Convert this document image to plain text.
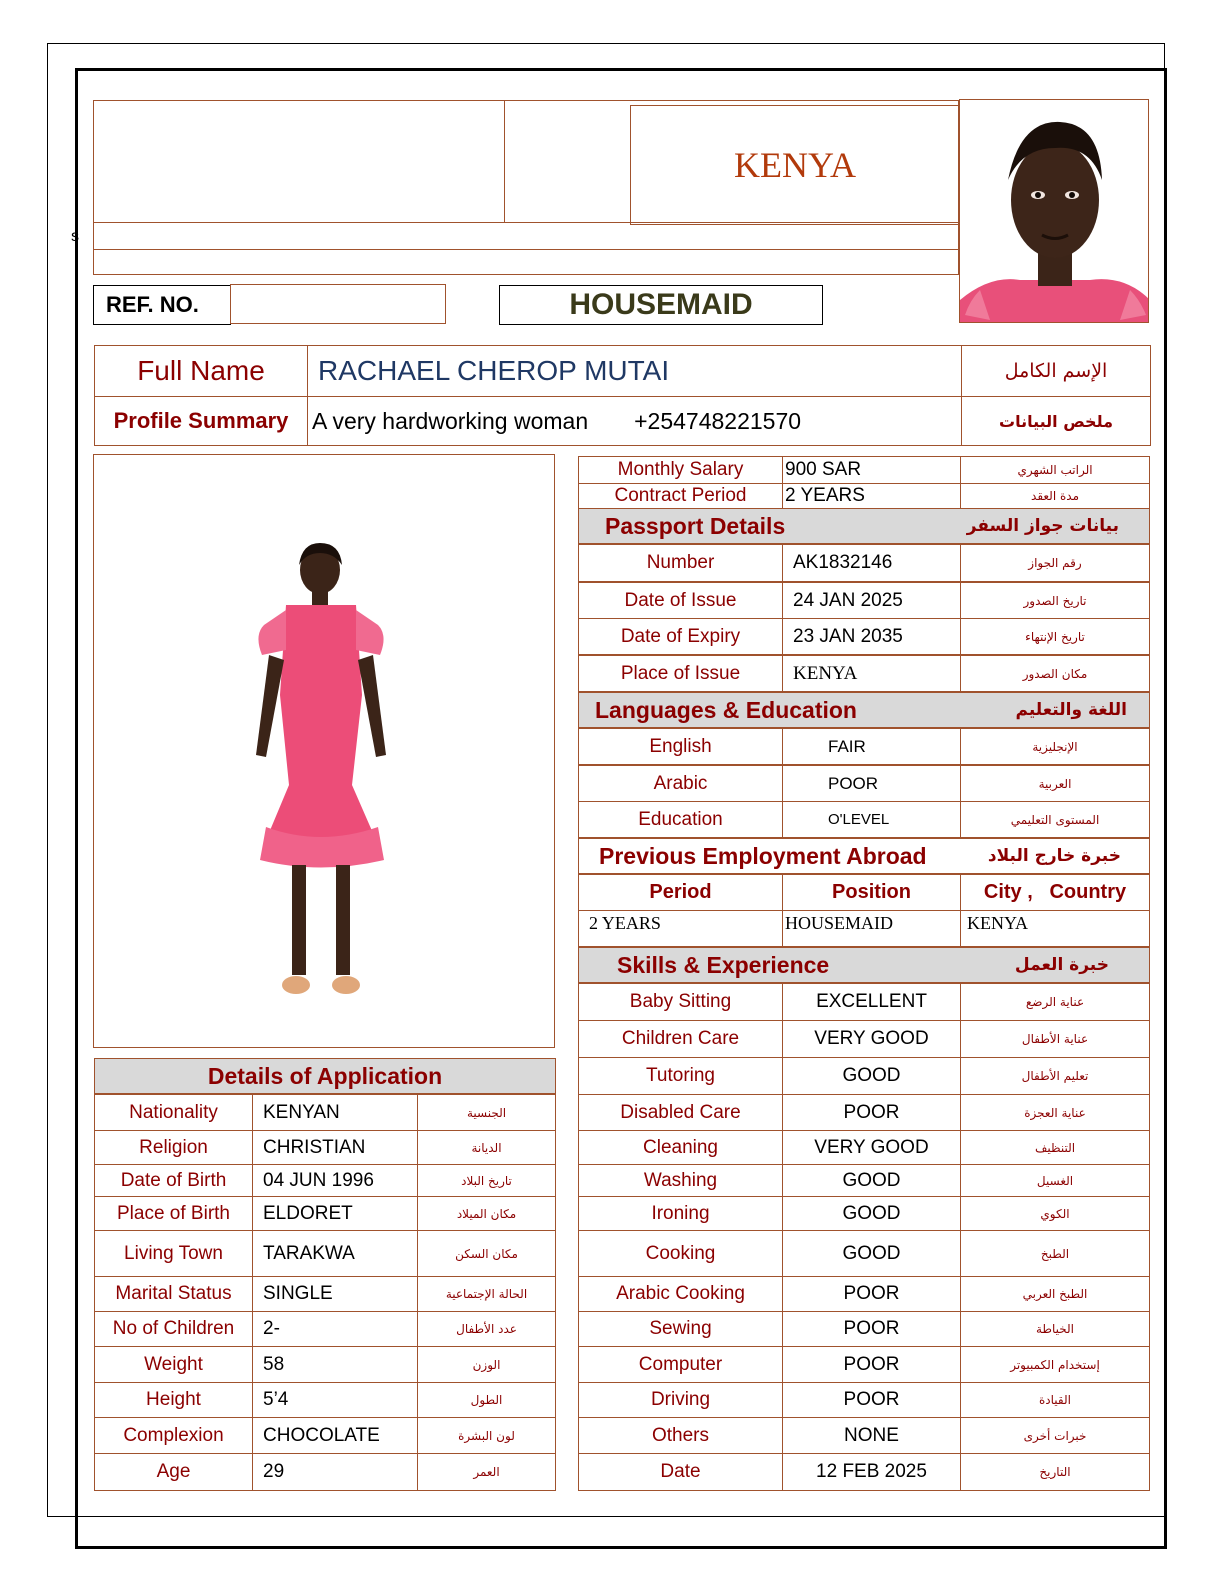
s
KENYA
REF. NO.	HOUSEMAID
Full Name	RACHAEL CHEROP MUTAI	الإسم الكامل
Profile Summary	A very hardworking woman +254748221570	ملخص البيانات
Details of Application
Nationality	KENYAN	الجنسية
Religion	CHRISTIAN	الديانة
Date of Birth	04 JUN 1996	تاريخ البلاد
Place of Birth	ELDORET	مكان الميلاد
Living Town	TARAKWA	مكان السكن
Marital Status	SINGLE	الحالة الإجتماعية
No of Children	2-	عدد الأطفال
Weight	58	الوزن
Height	5’4	الطول
Complexion	CHOCOLATE	لون البشرة
Age	29	العمر
Monthly Salary	900 SAR	الراتب الشهري
Contract Period	2 YEARS	مدة العقد
Passport Details	بيانات جواز السفر
Number	AK1832146	رقم الجواز
Date of Issue	24 JAN 2025	تاريخ الصدور
Date of Expiry	23 JAN 2035	تاريخ الإنتهاء
Place of Issue	KENYA	مكان الصدور
Languages & Education	اللغة والتعليم
English	FAIR	الإنجليزية
Arabic	POOR	العربية
Education	O'LEVEL	المستوى التعليمي
Previous Employment Abroad	خبرة خارج البلاد
Period	Position	City ,   Country
2 YEARS	HOUSEMAID	KENYA
Skills & Experience	خبرة العمل
Baby Sitting	EXCELLENT	عناية الرضع
Children Care	VERY GOOD	عناية الأطفال
Tutoring	GOOD	تعليم الأطفال
Disabled Care	POOR	عناية العجزة
Cleaning	VERY GOOD	التنظيف
Washing	GOOD	الغسيل
Ironing	GOOD	الكوي
Cooking	GOOD	الطبخ
Arabic Cooking	POOR	الطبخ العربي
Sewing	POOR	الخياطة
Computer	POOR	إستخدام الكمبيوتر
Driving	POOR	القيادة
Others	NONE	خبرات أخرى
Date	12 FEB 2025	التاريخ
